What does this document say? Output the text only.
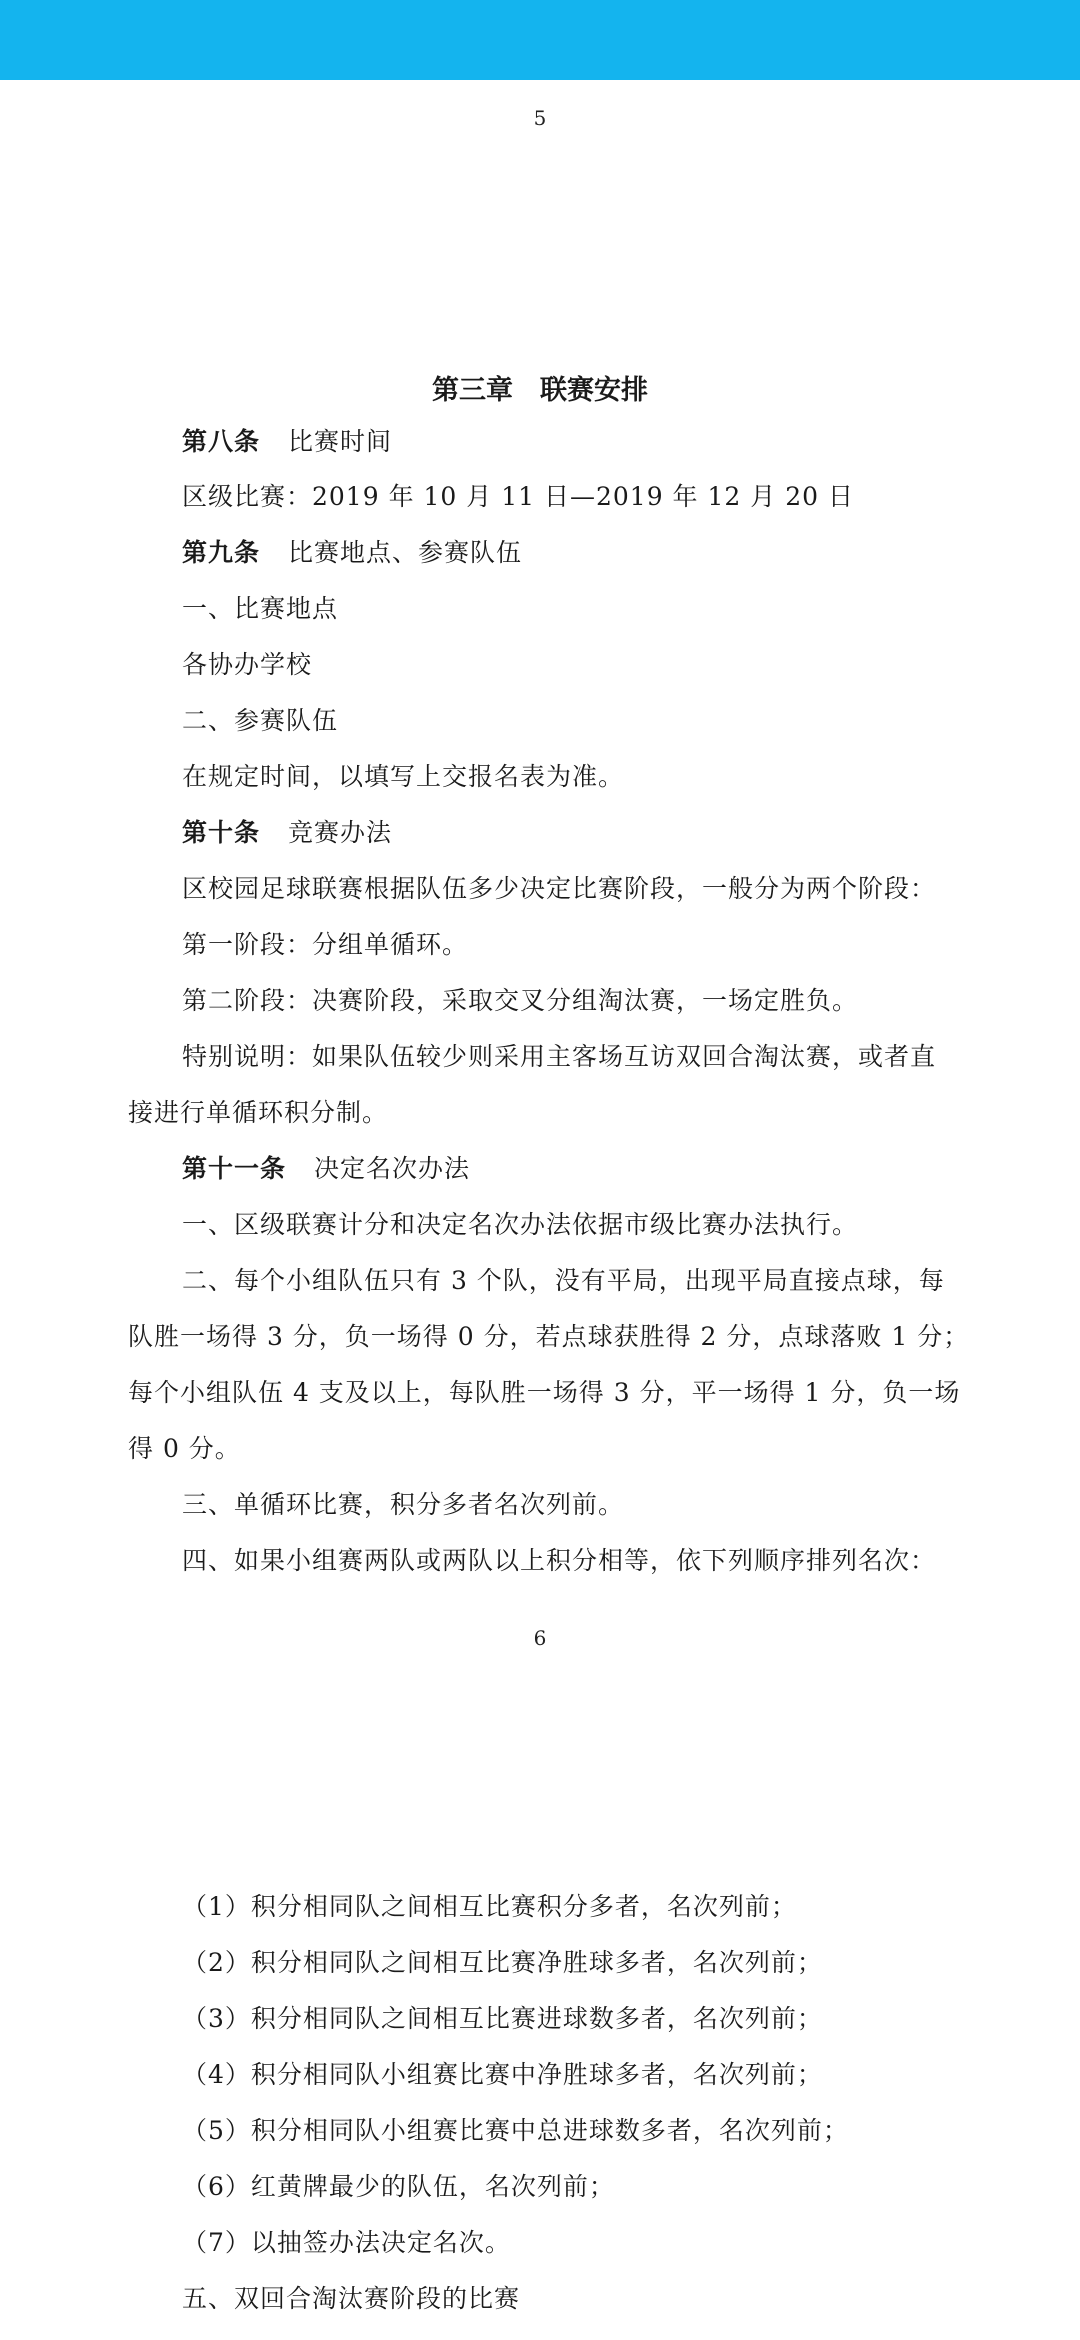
5
第三章　联赛安排
第八条 比赛时间
区级比赛：2019 年 10 月 11 日—2019 年 12 月 20 日
第九条 比赛地点、参赛队伍
一、比赛地点
各协办学校
二、参赛队伍
在规定时间，以填写上交报名表为准。
第十条 竞赛办法
区校园足球联赛根据队伍多少决定比赛阶段，一般分为两个阶段：
第一阶段：分组单循环。
第二阶段：决赛阶段，采取交叉分组淘汰赛，一场定胜负。
特别说明：如果队伍较少则采用主客场互访双回合淘汰赛，或者直
接进行单循环积分制。
第十一条 决定名次办法
一、区级联赛计分和决定名次办法依据市级比赛办法执行。
二、每个小组队伍只有 3 个队，没有平局，出现平局直接点球，每
队胜一场得 3 分，负一场得 0 分，若点球获胜得 2 分，点球落败 1 分；
每个小组队伍 4 支及以上，每队胜一场得 3 分，平一场得 1 分，负一场
得 0 分。
三、单循环比赛，积分多者名次列前。
四、如果小组赛两队或两队以上积分相等，依下列顺序排列名次：
6
（1）积分相同队之间相互比赛积分多者，名次列前；
（2）积分相同队之间相互比赛净胜球多者，名次列前；
（3）积分相同队之间相互比赛进球数多者，名次列前；
（4）积分相同队小组赛比赛中净胜球多者，名次列前；
（5）积分相同队小组赛比赛中总进球数多者，名次列前；
（6）红黄牌最少的队伍，名次列前；
（7）以抽签办法决定名次。
五、双回合淘汰赛阶段的比赛
